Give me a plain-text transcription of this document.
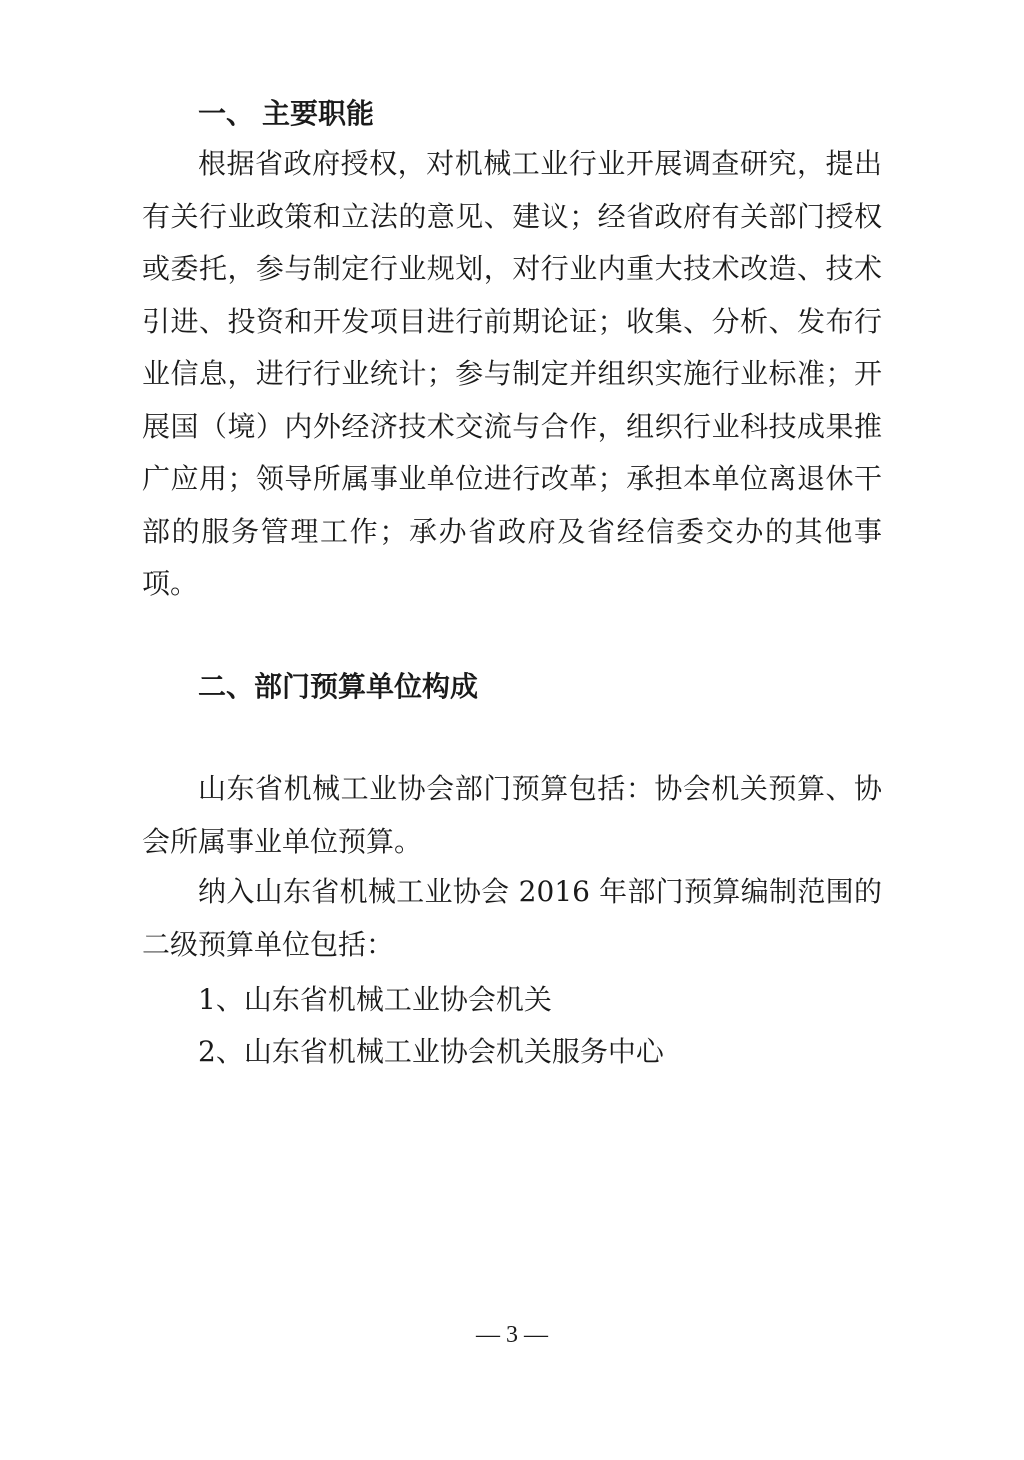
一、 主要职能
根据省政府授权，对机械工业行业开展调查研究，提出
有关行业政策和立法的意见、建议；经省政府有关部门授权
或委托，参与制定行业规划，对行业内重大技术改造、技术
引进、投资和开发项目进行前期论证；收集、分析、发布行
业信息，进行行业统计；参与制定并组织实施行业标准；开
展国（境）内外经济技术交流与合作，组织行业科技成果推
广应用；领导所属事业单位进行改革；承担本单位离退休干
部的服务管理工作；承办省政府及省经信委交办的其他事
项。
二、部门预算单位构成
山东省机械工业协会部门预算包括：协会机关预算、协
会所属事业单位预算。
纳入山东省机械工业协会 2016 年部门预算编制范围的
二级预算单位包括：
1、山东省机械工业协会机关
2、山东省机械工业协会机关服务中心
— 3 —
